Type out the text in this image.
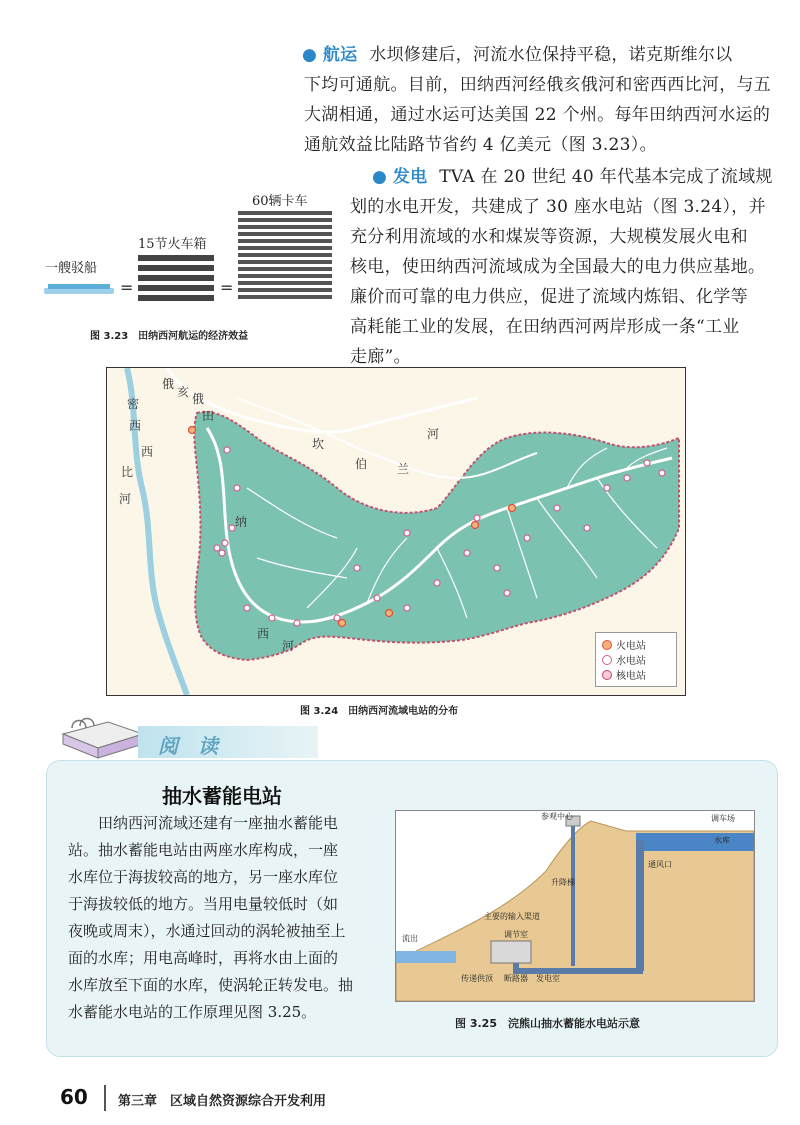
● 航运 水坝修建后，河流水位保持平稳，诺克斯维尔以
下均可通航。目前，田纳西河经俄亥俄河和密西西比河，与五
大湖相通，通过水运可达美国 22 个州。每年田纳西河水运的
通航效益比陆路节省约 4 亿美元（图 3.23）。
● 发电 TVA 在 20 世纪 40 年代基本完成了流域规
划的水电开发，共建成了 30 座水电站（图 3.24），并
充分利用流域的水和煤炭等资源，大规模发展火电和
核电，使田纳西河流域成为全国最大的电力供应基地。
廉价而可靠的电力供应，促进了流域内炼铝、化学等
高耗能工业的发展，在田纳西河两岸形成一条“工业
走廊”。
60辆卡车
15节火车箱
一艘驳船
=	=
图 3.23　田纳西河航运的经济效益
密
西
西
比
河
俄
亥 俄
田
纳
西
河
坎
伯 兰
河
火电站
水电站
核电站
图 3.24　田纳西河流域电站的分布
阅　读
抽水蓄能电站
田纳西河流域还建有一座抽水蓄能电
站。抽水蓄能电站由两座水库构成，一座
水库位于海拔较高的地方，另一座水库位
于海拔较低的地方。当用电量较低时（如
夜晚或周末），水通过回动的涡轮被抽至上
面的水库；用电高峰时，再将水由上面的
水库放至下面的水库，使涡轮正转发电。抽
水蓄能水电站的工作原理见图 3.25。
参观中心	调车场
水库
通风口
升降梯
主要的输入渠道
调节室
流出
传递供顶 断路器 发电室
图 3.25　浣熊山抽水蓄能水电站示意
60 第三章　区域自然资源综合开发利用
